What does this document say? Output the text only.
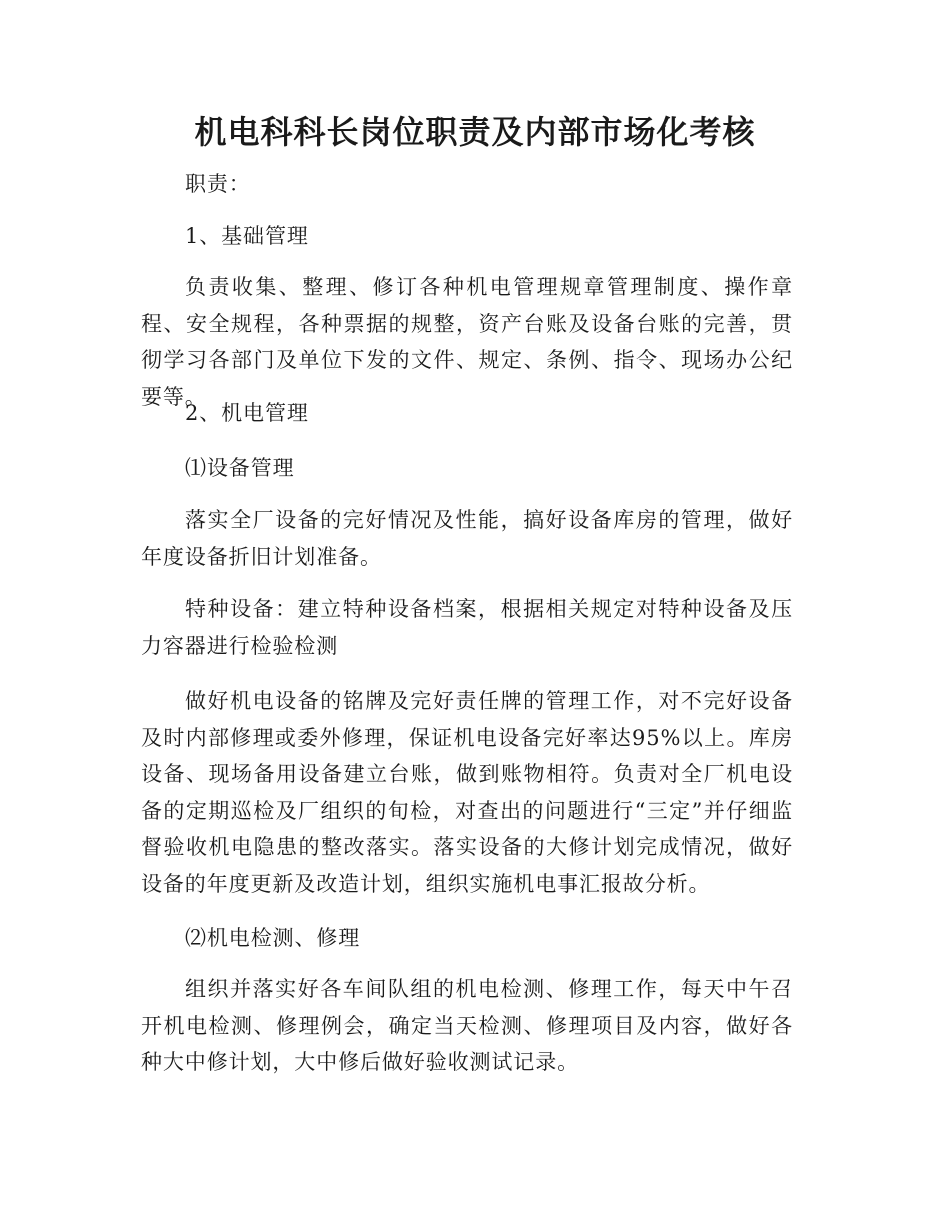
机电科科长岗位职责及内部市场化考核

职责：

1、基础管理

负责收集、整理、修订各种机电管理规章管理制度、操作章程、安全规程，各种票据的规整，资产台账及设备台账的完善，贯彻学习各部门及单位下发的文件、规定、条例、指令、现场办公纪要等。

2、机电管理

⑴设备管理

落实全厂设备的完好情况及性能，搞好设备库房的管理，做好年度设备折旧计划准备。

特种设备：建立特种设备档案，根据相关规定对特种设备及压力容器进行检验检测

做好机电设备的铭牌及完好责任牌的管理工作，对不完好设备及时内部修理或委外修理，保证机电设备完好率达95%以上。库房设备、现场备用设备建立台账，做到账物相符。负责对全厂机电设备的定期巡检及厂组织的旬检，对查出的问题进行“三定”并仔细监督验收机电隐患的整改落实。落实设备的大修计划完成情况，做好设备的年度更新及改造计划，组织实施机电事汇报故分析。

⑵机电检测、修理

组织并落实好各车间队组的机电检测、修理工作，每天中午召开机电检测、修理例会，确定当天检测、修理项目及内容，做好各种大中修计划，大中修后做好验收测试记录。
